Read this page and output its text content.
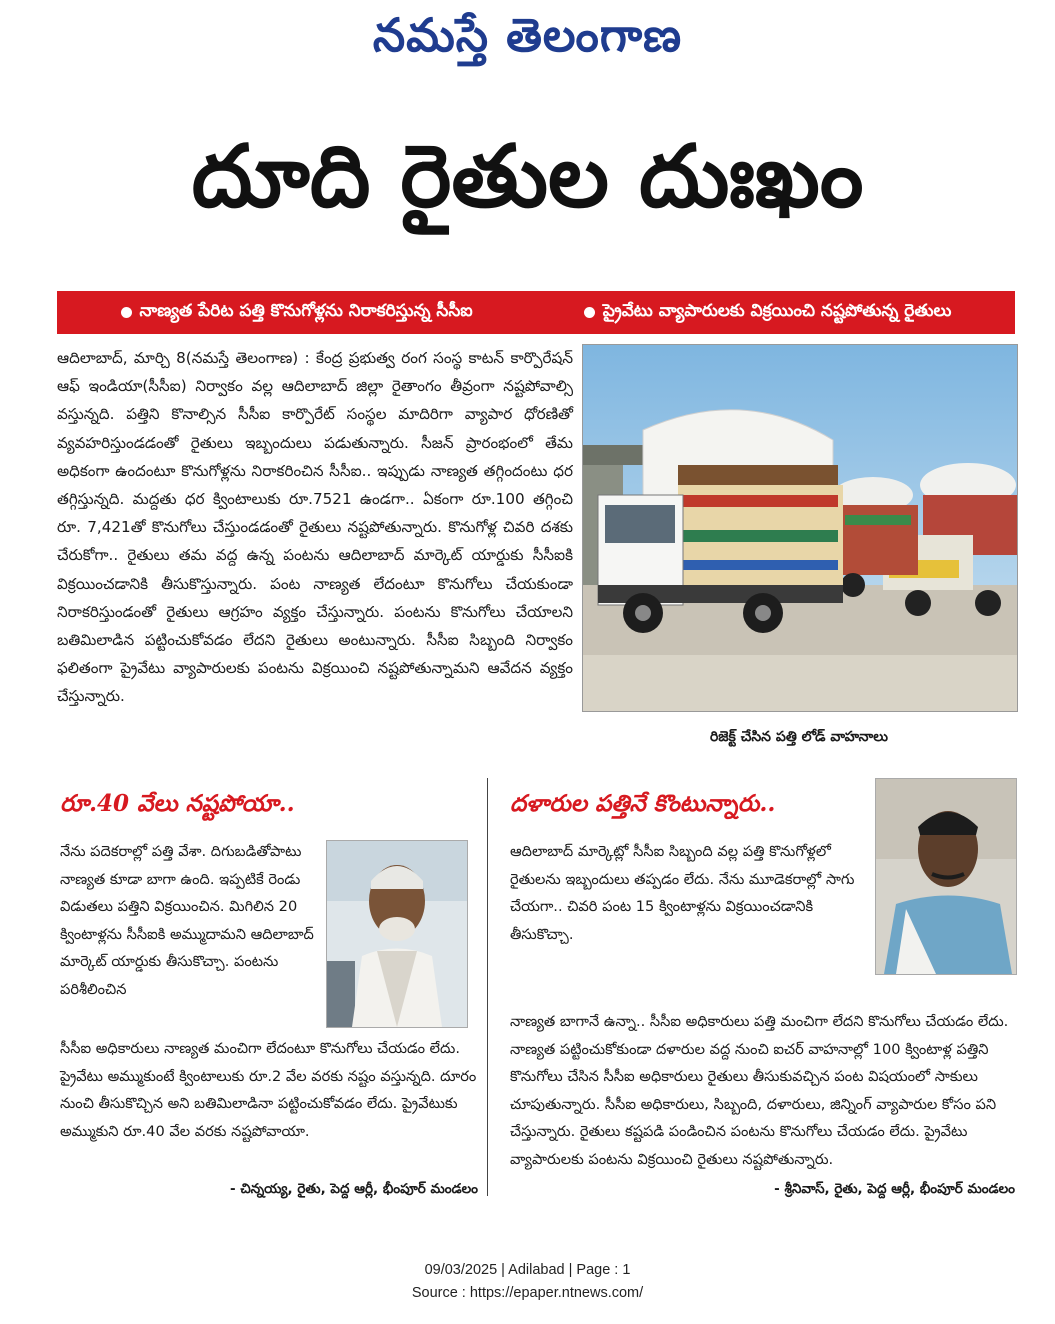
నమస్తే తెలంగాణ
దూది రైతుల దుఃఖం
నాణ్యత పేరిట పత్తి కొనుగోళ్లను నిరాకరిస్తున్న సీసీఐ	ప్రైవేటు వ్యాపారులకు విక్రయించి నష్టపోతున్న రైతులు
ఆదిలాబాద్, మార్చి 8(నమస్తే తెలంగాణ) : కేంద్ర ప్రభుత్వ రంగ సంస్థ కాటన్ కార్పొరేషన్ ఆఫ్ ఇండియా(సీసీఐ) నిర్వాకం వల్ల ఆదిలాబాద్ జిల్లా రైతాంగం తీవ్రంగా నష్టపోవాల్సి వస్తున్నది. పత్తిని కొనాల్సిన సీసీఐ కార్పొరేట్ సంస్థల మాదిరిగా వ్యాపార ధోరణితో వ్యవహరిస్తుండడంతో రైతులు ఇబ్బందులు పడుతున్నారు. సీజన్ ప్రారంభంలో తేమ అధికంగా ఉందంటూ కొనుగోళ్లను నిరాకరించిన సీసీఐ.. ఇప్పుడు నాణ్యత తగ్గిందంటు ధర తగ్గిస్తున్నది. మద్దతు ధర క్వింటాలుకు రూ.7521 ఉండగా.. ఏకంగా రూ.100 తగ్గించి రూ. 7,421తో కొనుగోలు చేస్తుండడంతో రైతులు నష్టపోతున్నారు. కొనుగోళ్ల చివరి దశకు చేరుకోగా.. రైతులు తమ వద్ద ఉన్న పంటను ఆదిలాబాద్ మార్కెట్ యార్డుకు సీసీఐకి విక్రయించడానికి తీసుకొస్తున్నారు. పంట నాణ్యత లేదంటూ కొనుగోలు చేయకుండా నిరాకరిస్తుండంతో రైతులు ఆగ్రహం వ్యక్తం చేస్తున్నారు. పంటను కొనుగోలు చేయాలని బతిమిలాడిన పట్టించుకోవడం లేదని రైతులు అంటున్నారు. సీసీఐ సిబ్బంది నిర్వాకం ఫలితంగా ప్రైవేటు వ్యాపారులకు పంటను విక్రయించి నష్టపోతున్నామని ఆవేదన వ్యక్తం చేస్తున్నారు.
రిజెక్ట్ చేసిన పత్తి లోడ్ వాహనాలు
రూ.40 వేలు నష్టపోయా..	దళారుల పత్తినే కొంటున్నారు..
నేను పదెకరాల్లో పత్తి వేశా. దిగుబడితోపాటు నాణ్యత కూడా బాగా ఉంది. ఇప్పటికే రెండు విడుతలు పత్తిని విక్రయించిన. మిగిలిన 20 క్వింటాళ్లను సీసీఐకి అమ్ముదామని ఆదిలాబాద్ మార్కెట్ యార్డుకు తీసుకొచ్చా. పంటను పరిశీలించిన
సీసీఐ అధికారులు నాణ్యత మంచిగా లేదంటూ కొనుగోలు చేయడం లేదు. ప్రైవేటు అమ్ముకుంటే క్వింటాలుకు రూ.2 వేల వరకు నష్టం వస్తున్నది. దూరం నుంచి తీసుకొచ్చిన అని బతిమిలాడినా పట్టించుకోవడం లేదు. ప్రైవేటుకు అమ్ముకుని రూ.40 వేల వరకు నష్టపోవాయా.
- చిన్నయ్య, రైతు, పెద్ద ఆర్లీ, భీంపూర్ మండలం
ఆదిలాబాద్ మార్కెట్లో సీసీఐ సిబ్బంది వల్ల పత్తి కొనుగోళ్లలో రైతులను ఇబ్బందులు తప్పడం లేదు. నేను మూడెకరాల్లో సాగు చేయగా.. చివరి పంట 15 క్వింటాళ్లను విక్రయించడానికి తీసుకొచ్చా.
నాణ్యత బాగానే ఉన్నా.. సీసీఐ అధికారులు పత్తి మంచిగా లేదని కొనుగోలు చేయడం లేదు. నాణ్యత పట్టించుకోకుండా దళారుల వద్ద నుంచి ఐచర్ వాహనాల్లో 100 క్వింటాళ్ల పత్తిని కొనుగోలు చేసిన సీసీఐ అధికారులు రైతులు తీసుకువచ్చిన పంట విషయంలో సాకులు చూపుతున్నారు. సీసీఐ అధికారులు, సిబ్బంది, దళారులు, జిన్నింగ్ వ్యాపారుల కోసం పని చేస్తున్నారు. రైతులు కష్టపడి పండించిన పంటను కొనుగోలు చేయడం లేదు. ప్రైవేటు వ్యాపారులకు పంటను విక్రయించి రైతులు నష్టపోతున్నారు.
- శ్రీనివాస్, రైతు, పెద్ద ఆర్లీ, భీంపూర్ మండలం
09/03/2025 | Adilabad | Page : 1
Source : https://epaper.ntnews.com/
